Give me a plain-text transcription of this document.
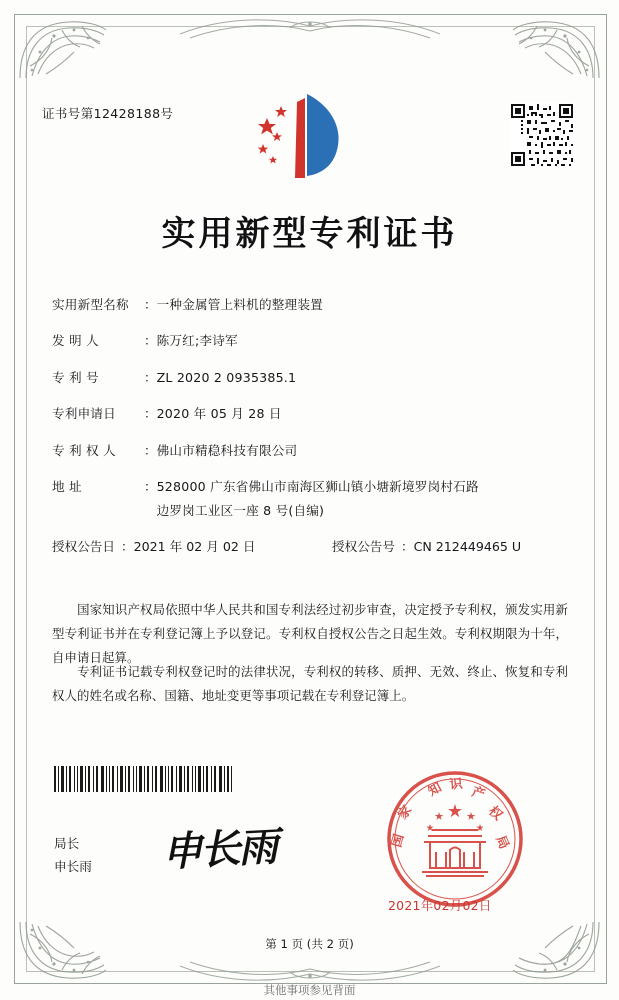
证书号第12428188号
实用新型专利证书
实用新型名称	： 一种金属管上料机的整理装置
发 明 人	： 陈万红;李诗军
专 利 号	： ZL 2020 2 0935385.1
专利申请日	： 2020 年 05 月 28 日
专 利 权 人	： 佛山市精稳科技有限公司
地 址	： 528000 广东省佛山市南海区狮山镇小塘新境罗岗村石路
边罗岗工业区一座 8 号(自编)
授权公告日 ： 2021 年 02 月 02 日	授权公告号 ： CN 212449465 U
国家知识产权局依照中华人民共和国专利法经过初步审查，决定授予专利权，颁发实用新型专利证书并在专利登记簿上予以登记。专利权自授权公告之日起生效。专利权期限为十年，自申请日起算。
专利证书记载专利权登记时的法律状况，专利权的转移、质押、无效、终止、恢复和专利权人的姓名或名称、国籍、地址变更等事项记载在专利登记簿上。
局长
申长雨 申长雨
知 识 产
权
家
局
国
2021年02月02日
第 1 页 (共 2 页)
其他事项参见背面
